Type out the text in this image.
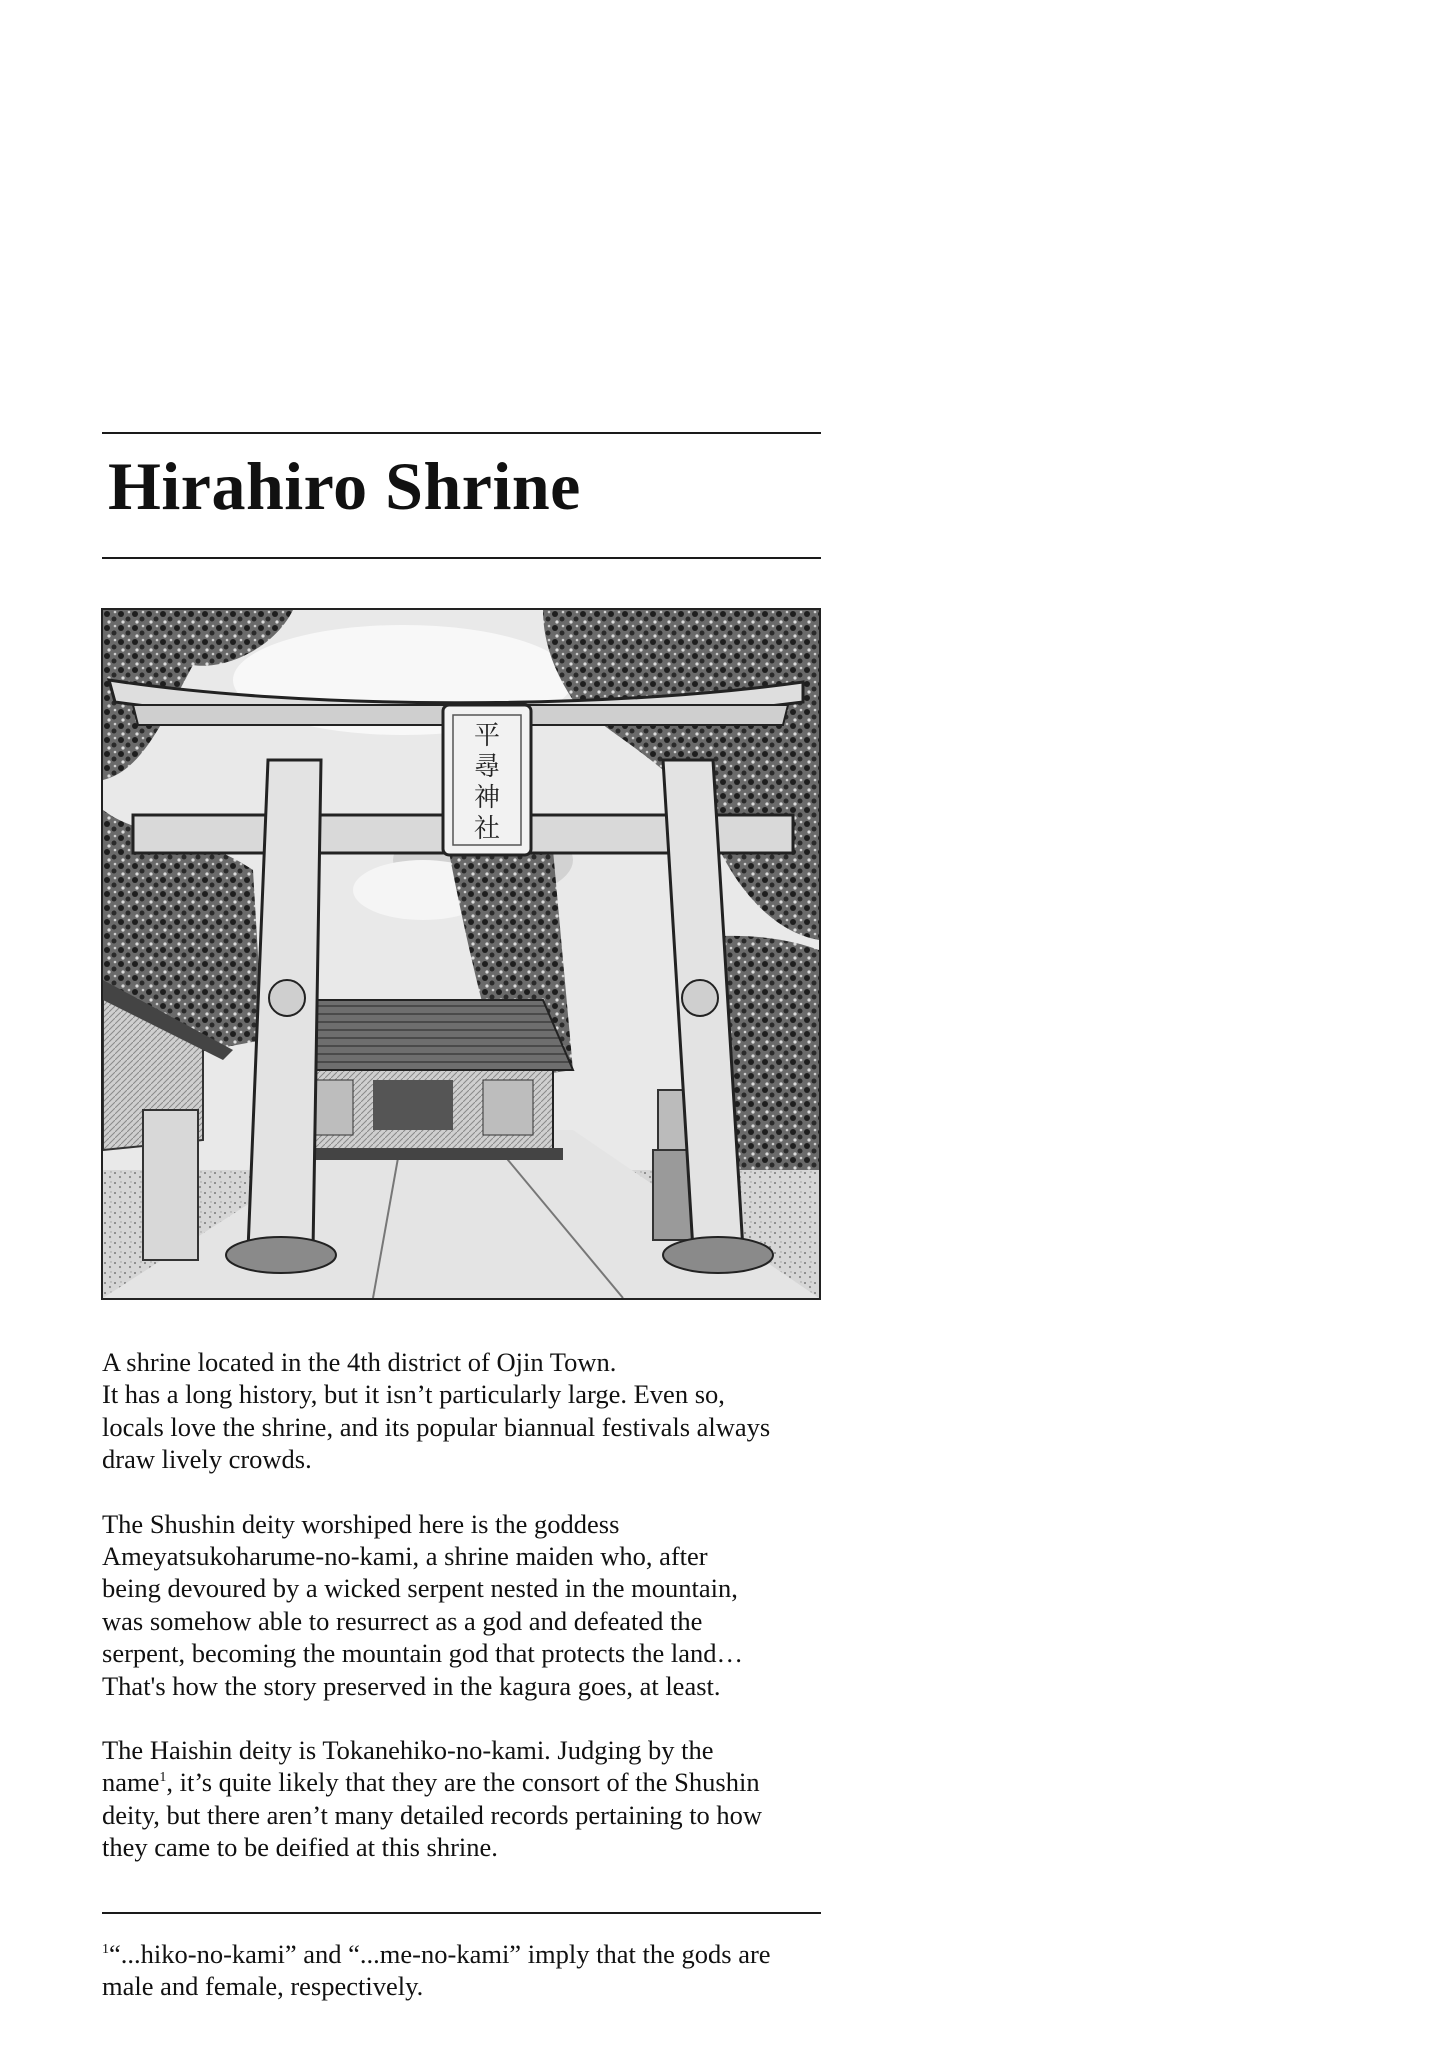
Hirahiro Shrine
平
尋
神
社

A shrine located in the 4th district of Ojin Town.
It has a long history, but it isn’t particularly large. Even so,
locals love the shrine, and its popular biannual festivals always
draw lively crowds.

The Shushin deity worshiped here is the goddess
Ameyatsukoharume-no-kami, a shrine maiden who, after
being devoured by a wicked serpent nested in the mountain,
was somehow able to resurrect as a god and defeated the
serpent, becoming the mountain god that protects the land…
That's how the story preserved in the kagura goes, at least.

The Haishin deity is Tokanehiko-no-kami. Judging by the
name$^1$, it’s quite likely that they are the consort of the Shushin
deity, but there aren’t many detailed records pertaining to how
they came to be deified at this shrine.

$^1$“...hiko-no-kami” and “...me-no-kami” imply that the gods are
male and female, respectively.
